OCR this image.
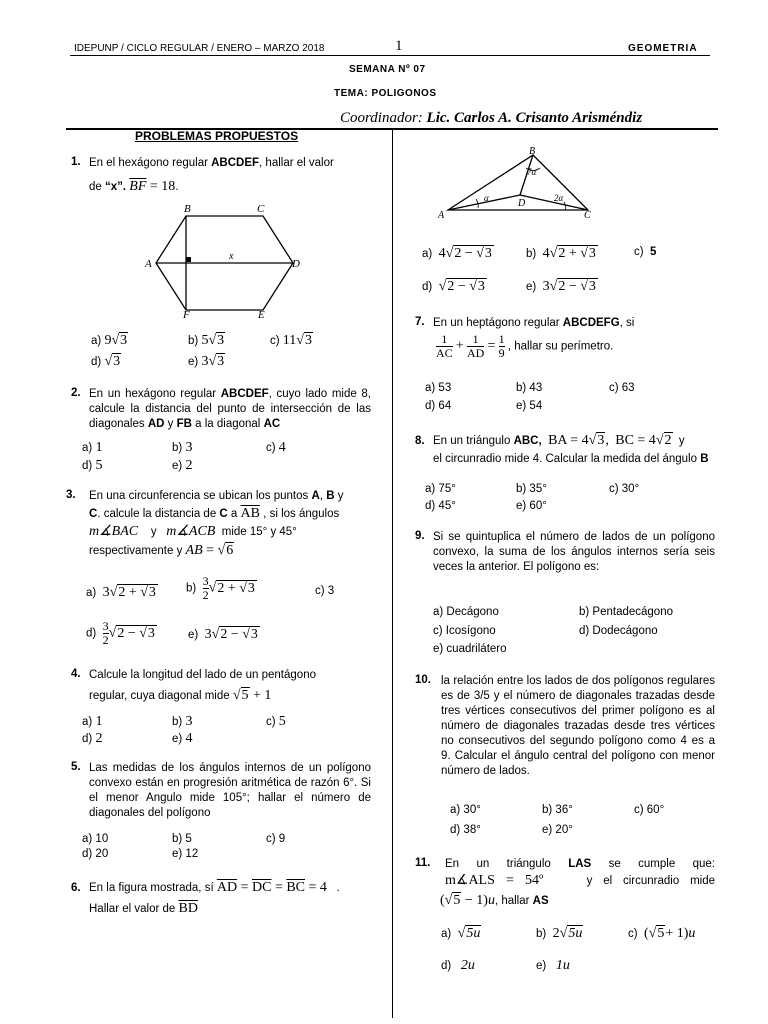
IDEPUNP / CICLO REGULAR / ENERO – MARZO 2018	1	GEOMETRIA
SEMANA Nº 07
TEMA: POLIGONOS
Coordinador: Lic. Carlos A. Crisanto Arisméndiz
PROBLEMAS PROPUESTOS
1. En el hexágono regular ABCDEF, hallar el valor
de “x”. $\overline{BF} = 18$.
B	C
A	D
F	E
x
a) 9√3	b) 5√3	c) 11√3
d) √3	e) 3√3
2. En un hexágono regular ABCDEF, cuyo lado mide 8, calcule la distancia del punto de intersección de las diagonales AD y FB a la diagonal AC
a) 1	b) 3	c) 4
d) 5	e) 2
3. En una circunferencia se ubican los puntos A, B y
C. calcule la distancia de C a $\overline{AB}$ , si los ángulos
m∡BAC y m∡ACB mide 15° y 45°
respectivamente y AB = √6
a) 3√2 + √3	$b) \frac{3}{2} √2 + √3$	c) 3
$d) \frac{3}{2} √2 - √3$	e) 3√2 − √3
4. Calcule la longitud del lado de un pentágono
regular, cuya diagonal mide √5 + 1
a) 1	b) 3	c) 5
d) 2	e) 4
5. Las medidas de los ángulos internos de un polígono convexo están en progresión aritmética de razón 6°. Si el menor Angulo mide 105°; hallar el número de diagonales del polígono
a) 10	b) 5	c) 9
d) 20	e) 12
6. En la figura mostrada, sí $\overline{AD} = \overline{DC} = \overline{BC} = 4$ .
Hallar el valor de $\overline{BD}$
B
A	C
D
7α
α	2α
a) 4√2 − √3	b) 4√2 + √3	c) 5
d) √2 − √3	e) 3√2 − √3
7. En un heptágono regular ABCDEFG, si
$\frac{1}{AC} + \frac{1}{AD} = \frac{1}{9}$ , hallar su perímetro.
a) 53	b) 43	c) 63
d) 64	e) 54
8. En un triángulo ABC, BA = 4√3, BC = 4√2 y
el circunradio mide 4. Calcular la medida del ángulo B
a) 75°	b) 35°	c) 30°
d) 45°	e) 60°
9. Si se quintuplica el número de lados de un polígono convexo, la suma de los ángulos internos sería seis veces la anterior. El polígono es:
a) Decágono	b) Pentadecágono
c) Icosígono	d) Dodecágono
e) cuadrilátero
10. la relación entre los lados de dos polígonos regulares es de 3/5 y el número de diagonales trazadas desde tres vértices consecutivos del primer polígono es al número de diagonales trazadas desde tres vértices no consecutivos del segundo polígono como 4 es a 9. Calcular el ángulo central del polígono con menor número de lados.
a) 30°	b) 36°	c) 60°
d) 38°	e) 20°
11. En un triángulo LAS se cumple que:
m∡ALS = 54º	y el circunradio mide
(√5 − 1)u, hallar AS
a) √5u	b) 2√5u	c) (√5+ 1)u
d) 2u	e) 1u
